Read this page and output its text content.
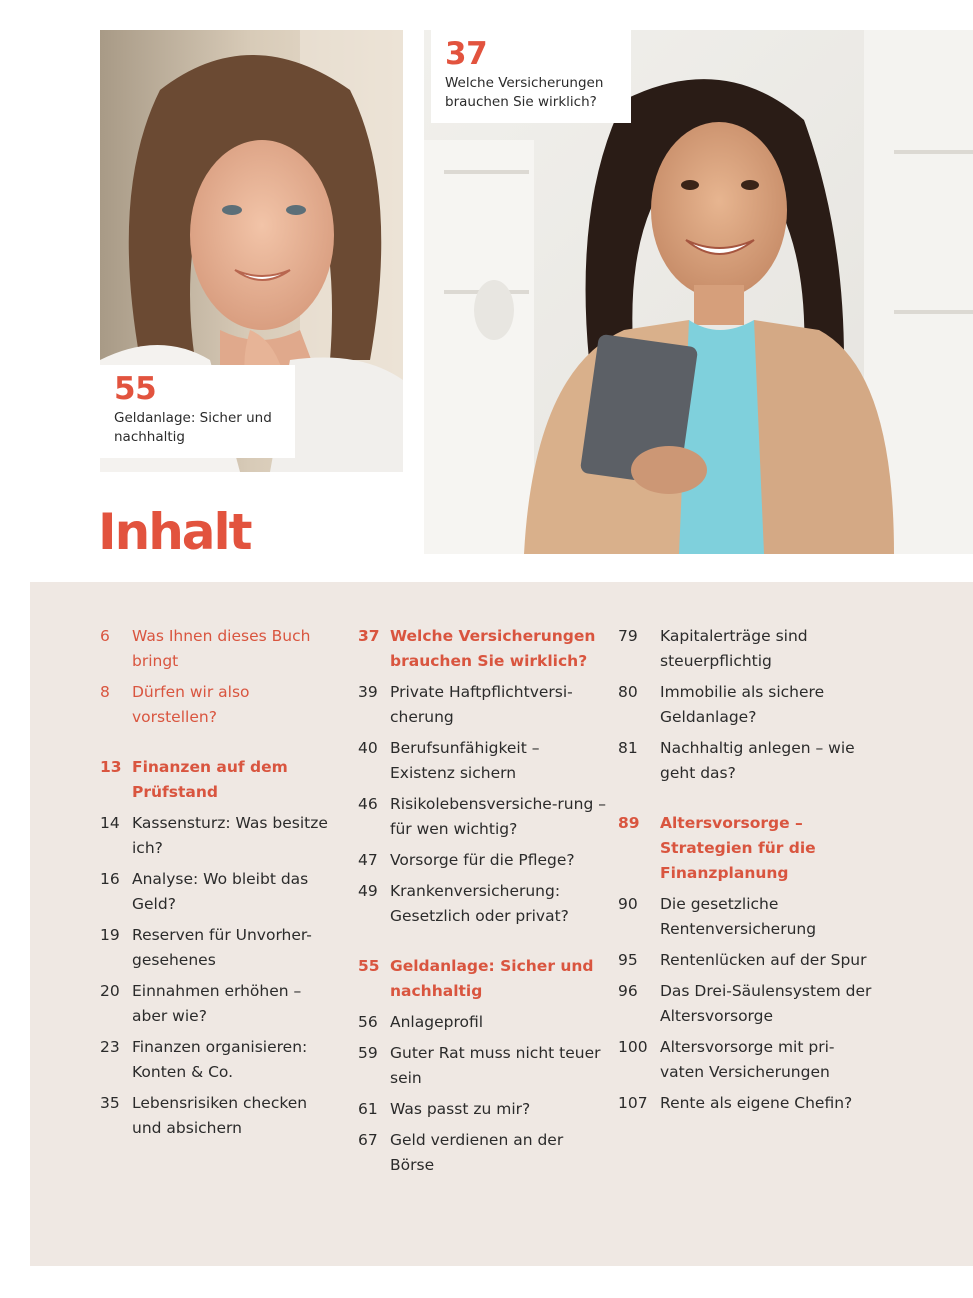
55
Geldanlage: Sicher und nachhaltig
37
Welche Versicherungen brauchen Sie wirklich?
Inhalt
6	Was Ihnen dieses Buch bringt
8	Dürfen wir also vorstellen?
13 Finanzen auf dem Prüfstand
14 Kassensturz: Was besitze ich?
16 Analyse: Wo bleibt das Geld?
19 Reserven für Unvorher-gesehenes
20 Einnahmen erhöhen – aber wie?
23 Finanzen organisieren: Konten & Co.
35 Lebensrisiken checken und absichern
37 Welche Versicherungen brauchen Sie wirklich?
39 Private Haftpflichtversi-cherung
40 Berufsunfähigkeit – Existenz sichern
46 Risikolebensversiche-rung – für wen wichtig?
47 Vorsorge für die Pflege?
49 Krankenversicherung: Gesetzlich oder privat?
55 Geldanlage: Sicher und nachhaltig
56 Anlageprofil
59 Guter Rat muss nicht teuer sein
61 Was passt zu mir?
67 Geld verdienen an der Börse
79	Kapitalerträge sind steuerpflichtig
80	Immobilie als sichere Geldanlage?
81	Nachhaltig anlegen – wie geht das?
89	Altersvorsorge – Strategien für die Finanzplanung
90	Die gesetzliche Rentenversicherung
95	Rentenlücken auf der Spur
96	Das Drei-Säulensystem der Altersvorsorge
100 Altersvorsorge mit pri-vaten Versicherungen
107 Rente als eigene Chefin?
